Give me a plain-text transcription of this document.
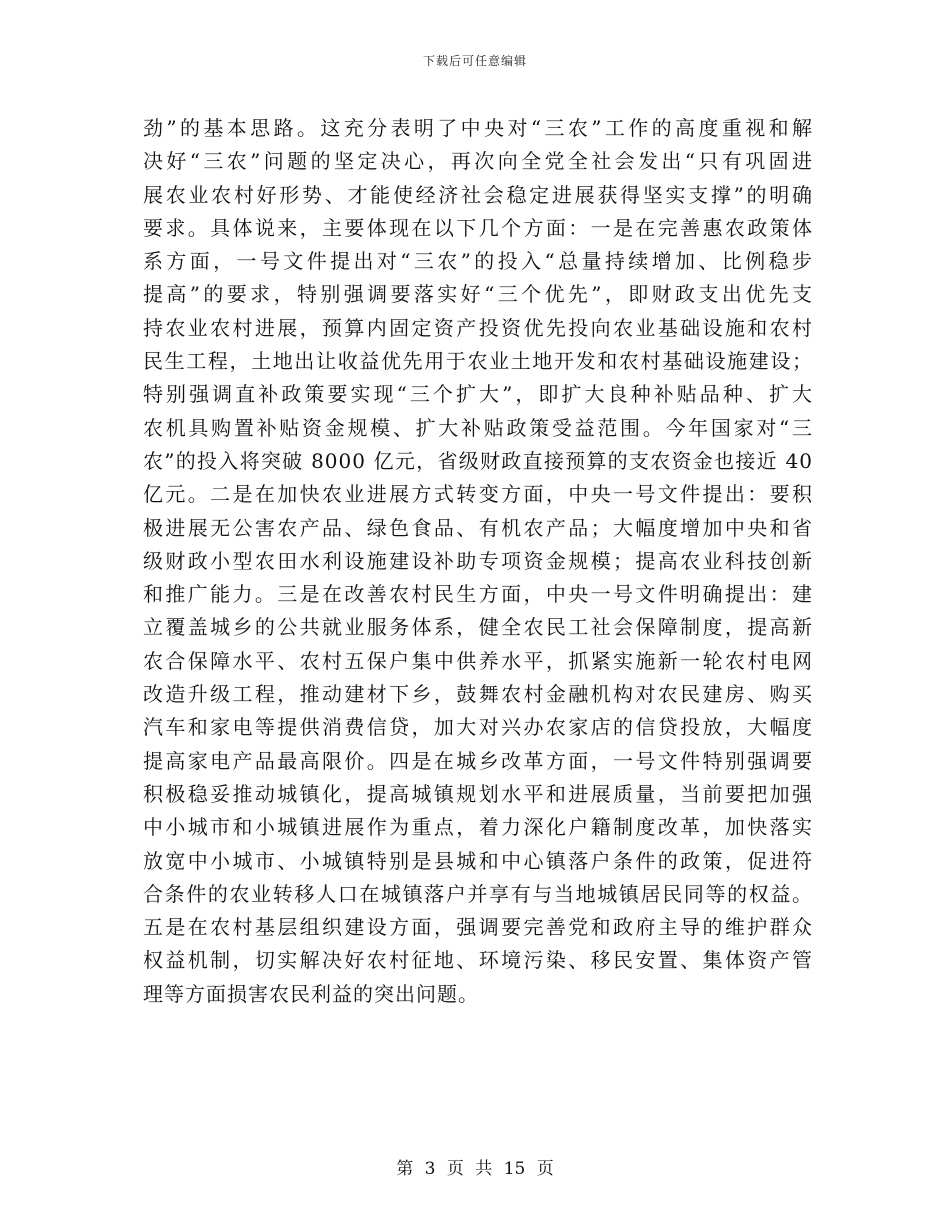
下载后可任意编辑
劲”的基本思路。这充分表明了中央对“三农”工作的高度重视和解
决好“三农”问题的坚定决心，再次向全党全社会发出“只有巩固进
展农业农村好形势、才能使经济社会稳定进展获得坚实支撑”的明确
要求。具体说来，主要体现在以下几个方面：一是在完善惠农政策体
系方面，一号文件提出对“三农”的投入“总量持续增加、比例稳步
提高”的要求，特别强调要落实好“三个优先”，即财政支出优先支
持农业农村进展，预算内固定资产投资优先投向农业基础设施和农村
民生工程，土地出让收益优先用于农业土地开发和农村基础设施建设；
特别强调直补政策要实现“三个扩大”，即扩大良种补贴品种、扩大
农机具购置补贴资金规模、扩大补贴政策受益范围。今年国家对“三
农”的投入将突破 8000 亿元，省级财政直接预算的支农资金也接近 40
亿元。二是在加快农业进展方式转变方面，中央一号文件提出：要积
极进展无公害农产品、绿色食品、有机农产品；大幅度增加中央和省
级财政小型农田水利设施建设补助专项资金规模；提高农业科技创新
和推广能力。三是在改善农村民生方面，中央一号文件明确提出：建
立覆盖城乡的公共就业服务体系，健全农民工社会保障制度，提高新
农合保障水平、农村五保户集中供养水平，抓紧实施新一轮农村电网
改造升级工程，推动建材下乡，鼓舞农村金融机构对农民建房、购买
汽车和家电等提供消费信贷，加大对兴办农家店的信贷投放，大幅度
提高家电产品最高限价。四是在城乡改革方面，一号文件特别强调要
积极稳妥推动城镇化，提高城镇规划水平和进展质量，当前要把加强
中小城市和小城镇进展作为重点，着力深化户籍制度改革，加快落实
放宽中小城市、小城镇特别是县城和中心镇落户条件的政策，促进符
合条件的农业转移人口在城镇落户并享有与当地城镇居民同等的权益。
五是在农村基层组织建设方面，强调要完善党和政府主导的维护群众
权益机制，切实解决好农村征地、环境污染、移民安置、集体资产管
理等方面损害农民利益的突出问题。
第 3 页 共 15 页
